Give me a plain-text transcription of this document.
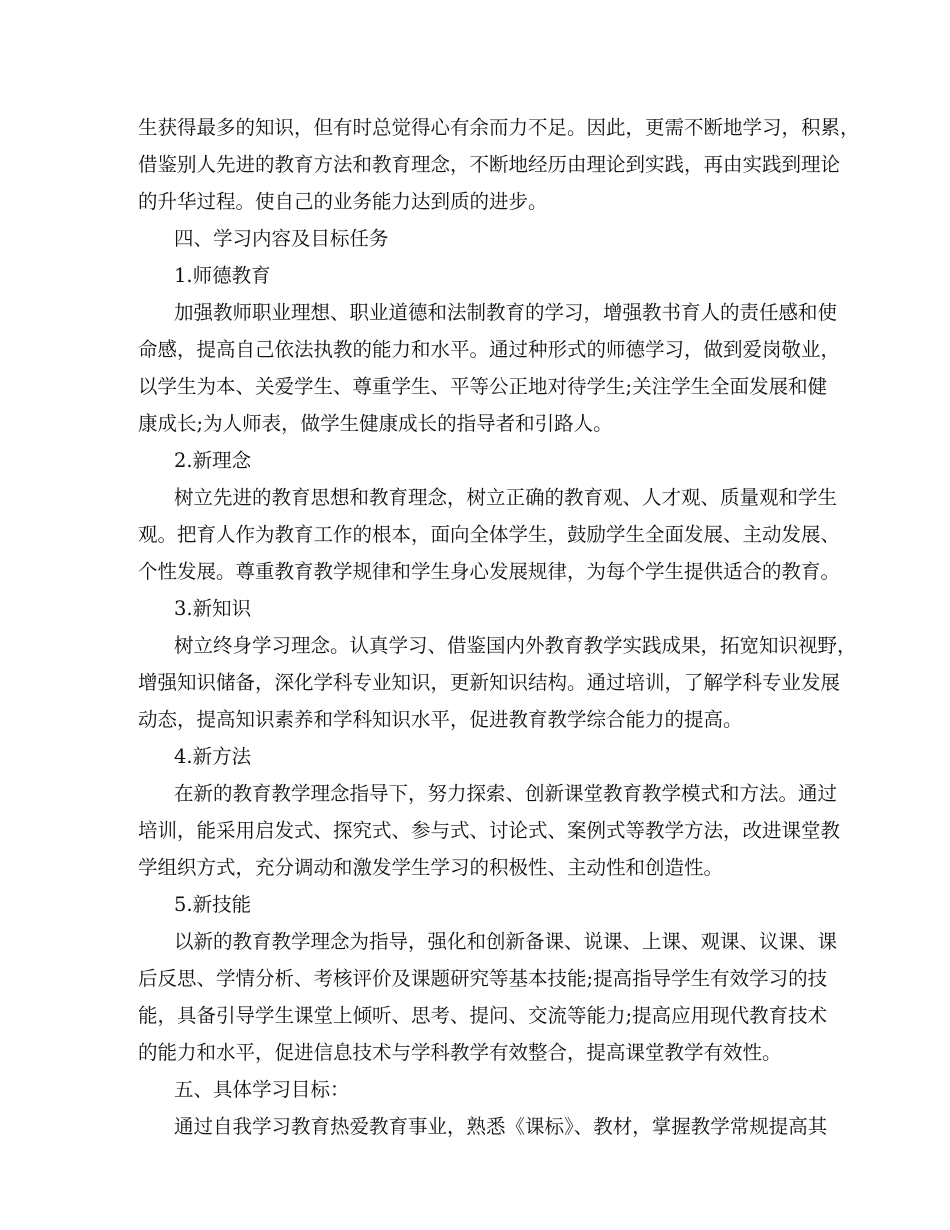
生获得最多的知识，但有时总觉得心有余而力不足。因此，更需不断地学习，积累，
借鉴别人先进的教育方法和教育理念，不断地经历由理论到实践，再由实践到理论
的升华过程。使自己的业务能力达到质的进步。
四、学习内容及目标任务
1.师德教育
加强教师职业理想、职业道德和法制教育的学习，增强教书育人的责任感和使
命感，提高自己依法执教的能力和水平。通过种形式的师德学习，做到爱岗敬业，
以学生为本、关爱学生、尊重学生、平等公正地对待学生;关注学生全面发展和健
康成长;为人师表，做学生健康成长的指导者和引路人。
2.新理念
树立先进的教育思想和教育理念，树立正确的教育观、人才观、质量观和学生
观。把育人作为教育工作的根本，面向全体学生，鼓励学生全面发展、主动发展、
个性发展。尊重教育教学规律和学生身心发展规律，为每个学生提供适合的教育。
3.新知识
树立终身学习理念。认真学习、借鉴国内外教育教学实践成果，拓宽知识视野，
增强知识储备，深化学科专业知识，更新知识结构。通过培训，了解学科专业发展
动态，提高知识素养和学科知识水平，促进教育教学综合能力的提高。
4.新方法
在新的教育教学理念指导下，努力探索、创新课堂教育教学模式和方法。通过
培训，能采用启发式、探究式、参与式、讨论式、案例式等教学方法，改进课堂教
学组织方式，充分调动和激发学生学习的积极性、主动性和创造性。
5.新技能
以新的教育教学理念为指导，强化和创新备课、说课、上课、观课、议课、课
后反思、学情分析、考核评价及课题研究等基本技能;提高指导学生有效学习的技
能，具备引导学生课堂上倾听、思考、提问、交流等能力;提高应用现代教育技术
的能力和水平，促进信息技术与学科教学有效整合，提高课堂教学有效性。
五、具体学习目标：
通过自我学习教育热爱教育事业，熟悉《课标》、教材，掌握教学常规提高其
